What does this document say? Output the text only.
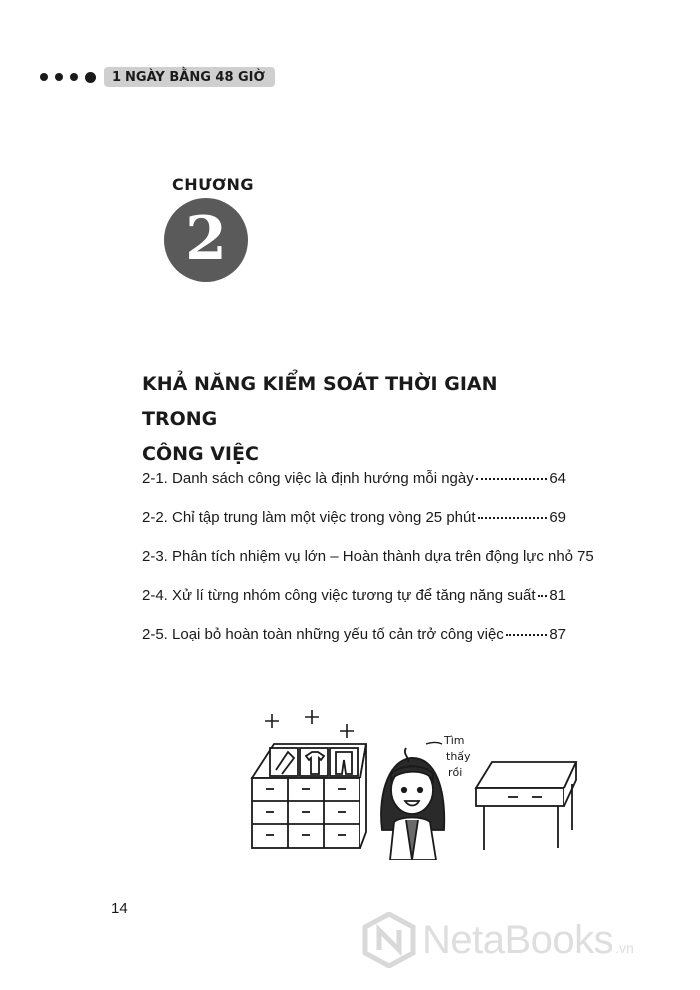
1 NGÀY BẰNG 48 GIỜ
CHƯƠNG
2
KHẢ NĂNG KIỂM SOÁT THỜI GIAN TRONG
CÔNG VIỆC
2-1. Danh sách công việc là định hướng mỗi ngày	64
2-2. Chỉ tập trung làm một việc trong vòng 25 phút	69
2-3. Phân tích nhiệm vụ lớn – Hoàn thành dựa trên động lực nhỏ 75
2-4. Xử lí từng nhóm công việc tương tự để tăng năng suất 81
2-5. Loại bỏ hoàn toàn những yếu tố cản trở công việc	87
Tìm
thấy
rồi
14
NetaBooks .vn
